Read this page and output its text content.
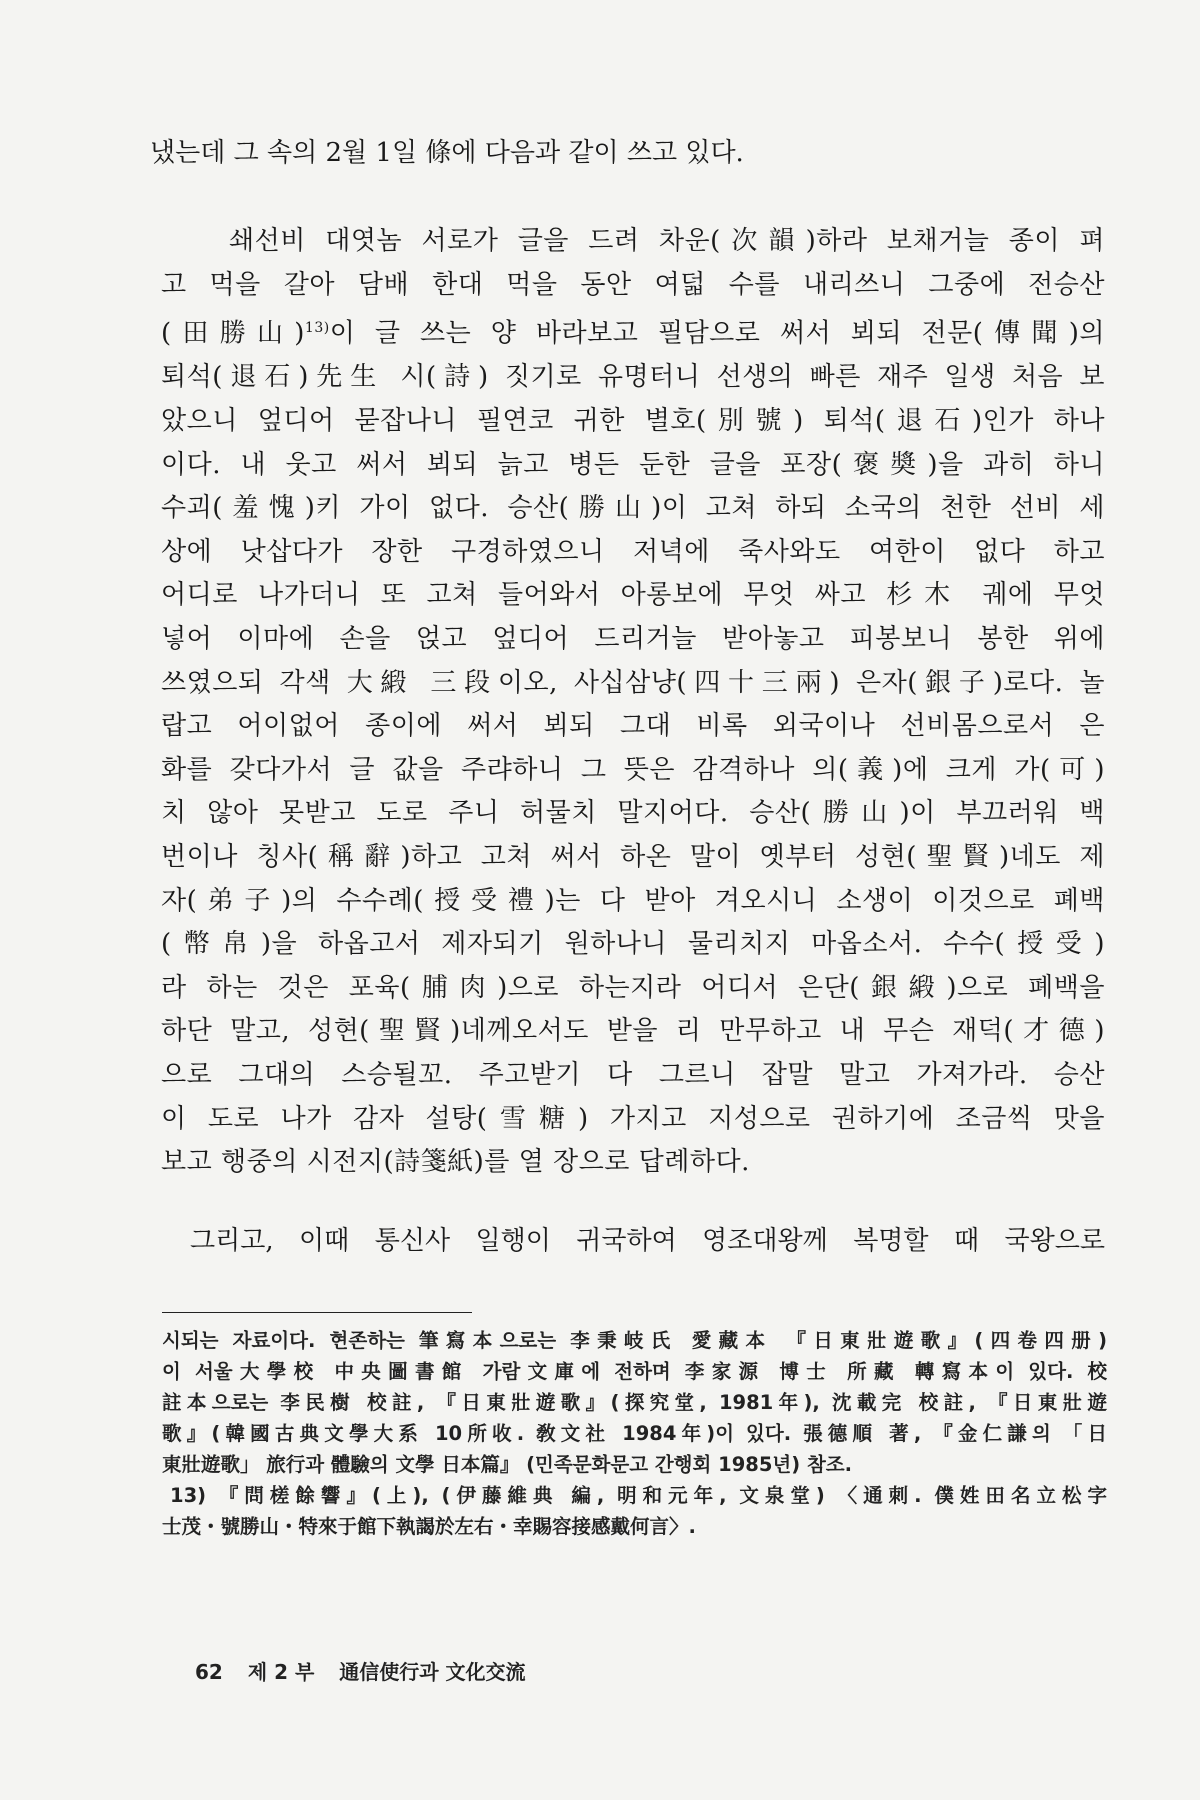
냈는데 그 속의 2월 1일 條에 다음과 같이 쓰고 있다.
쇄선비 대엿놈 서로가 글을 드려 차운(次韻)하라 보채거늘 종이 펴
고 먹을 갈아 담배 한대 먹을 동안 여덟 수를 내리쓰니 그중에 전승산
(田勝山)$^{13)}$이 글 쓰는 양 바라보고 필담으로 써서 뵈되 전문(傳聞)의
퇴석(退石)先生 시(詩) 짓기로 유명터니 선생의 빠른 재주 일생 처음 보
았으니 엎디어 묻잡나니 필연코 귀한 별호(別號) 퇴석(退石)인가 하나
이다. 내 웃고 써서 뵈되 늙고 병든 둔한 글을 포장(褒奬)을 과히 하니
수괴(羞愧)키 가이 없다. 승산(勝山)이 고쳐 하되 소국의 천한 선비 세
상에 낫삽다가 장한 구경하였으니 저녁에 죽사와도 여한이 없다 하고
어디로 나가더니 또 고쳐 들어와서 아롱보에 무엇 싸고 杉木 궤에 무엇
넣어 이마에 손을 얹고 엎디어 드리거늘 받아놓고 피봉보니 봉한 위에
쓰였으되 각색 大緞 三段이오, 사십삼냥(四十三兩) 은자(銀子)로다. 놀
랍고 어이없어 종이에 써서 뵈되 그대 비록 외국이나 선비몸으로서 은
화를 갖다가서 글 값을 주랴하니 그 뜻은 감격하나 의(義)에 크게 가(可)
치 않아 못받고 도로 주니 허물치 말지어다. 승산(勝山)이 부끄러워 백
번이나 칭사(稱辭)하고 고쳐 써서 하온 말이 옛부터 성현(聖賢)네도 제
자(弟子)의 수수례(授受禮)는 다 받아 겨오시니 소생이 이것으로 폐백
(幣帛)을 하옵고서 제자되기 원하나니 물리치지 마옵소서. 수수(授受)
라 하는 것은 포육(脯肉)으로 하는지라 어디서 은단(銀緞)으로 폐백을
하단 말고, 성현(聖賢)네께오서도 받을 리 만무하고 내 무슨 재덕(才德)
으로 그대의 스승될꼬. 주고받기 다 그르니 잡말 말고 가져가라. 승산
이 도로 나가 감자 설탕(雪糖) 가지고 지성으로 권하기에 조금씩 맛을
보고 행중의 시전지(詩箋紙)를 열 장으로 답례하다.
그리고, 이때 통신사 일행이 귀국하여 영조대왕께 복명할 때 국왕으로
시되는 자료이다. 현존하는 筆寫本으로는 李秉岐氏 愛藏本 『日東壯遊歌』(四卷四册)
이 서울大學校 中央圖書館 가람文庫에 전하며 李家源 博士 所藏 轉寫本이 있다. 校
註本으로는 李民樹 校註, 『日東壯遊歌』(探究堂, 1981年), 沈載完 校註, 『日東壯遊
歌』(韓國古典文學大系 10所收. 敎文社 1984年)이 있다. 張德順 著, 『金仁謙의 「日
東壯遊歌」 旅行과 體驗의 文學 日本篇』 (민족문화문고 간행회 1985년) 참조.
13) 『問槎餘響』(上), (伊藤維典 編, 明和元年, 文泉堂) 〈通刺. 僕姓田名立松字
士茂・號勝山・特來于館下執謁於左右・幸賜容接感戴何言〉.
62 제 2 부 通信使行과 文化交流
